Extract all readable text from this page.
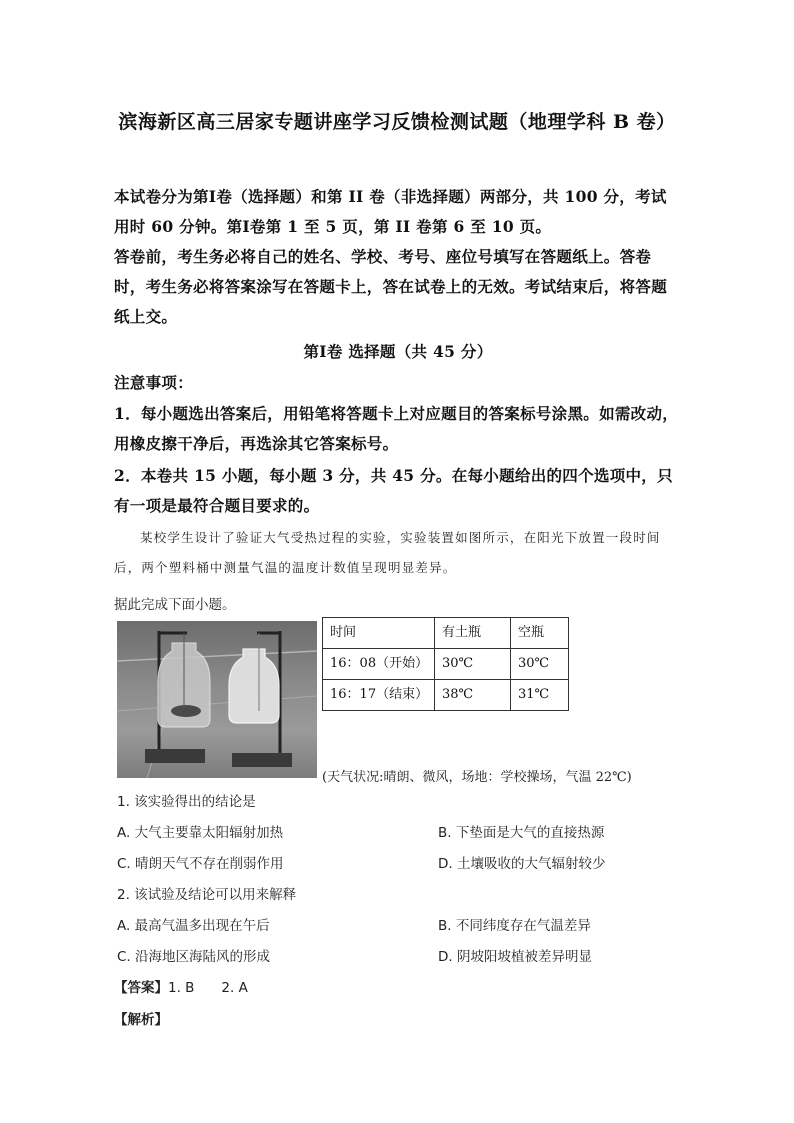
滨海新区高三居家专题讲座学习反馈检测试题（地理学科 B 卷）
本试卷分为第Ⅰ卷（选择题）和第 II 卷（非选择题）两部分，共 100 分，考试用时 60 分钟。第Ⅰ卷第 1 至 5 页，第 II 卷第 6 至 10 页。
答卷前，考生务必将自己的姓名、学校、考号、座位号填写在答题纸上。答卷时，考生务必将答案涂写在答题卡上，答在试卷上的无效。考试结束后，将答题纸上交。
第Ⅰ卷 选择题（共 45 分）
注意事项：
1．每小题选出答案后，用铅笔将答题卡上对应题目的答案标号涂黑。如需改动，用橡皮擦干净后，再选涂其它答案标号。
2．本卷共 15 小题，每小题 3 分，共 45 分。在每小题给出的四个选项中，只有一项是最符合题目要求的。
某校学生设计了验证大气受热过程的实验，实验装置如图所示，在阳光下放置一段时间后，两个塑料桶中测量气温的温度计数值呈现明显差异。
据此完成下面小题。
时间	有土瓶	空瓶
16：08（开始）	30℃	30℃
16：17（结束）	38℃	31℃
(天气状况:晴朗、微风，场地：学校操场，气温 22℃)
1. 该实验得出的结论是
A. 大气主要靠太阳辐射加热	B. 下垫面是大气的直接热源
C. 晴朗天气不存在削弱作用	D. 土壤吸收的大气辐射较少
2. 该试验及结论可以用来解释
A. 最高气温多出现在午后	B. 不同纬度存在气温差异
C. 沿海地区海陆风的形成	D. 阴坡阳坡植被差异明显
【答案】1. B　　2. A
【解析】
